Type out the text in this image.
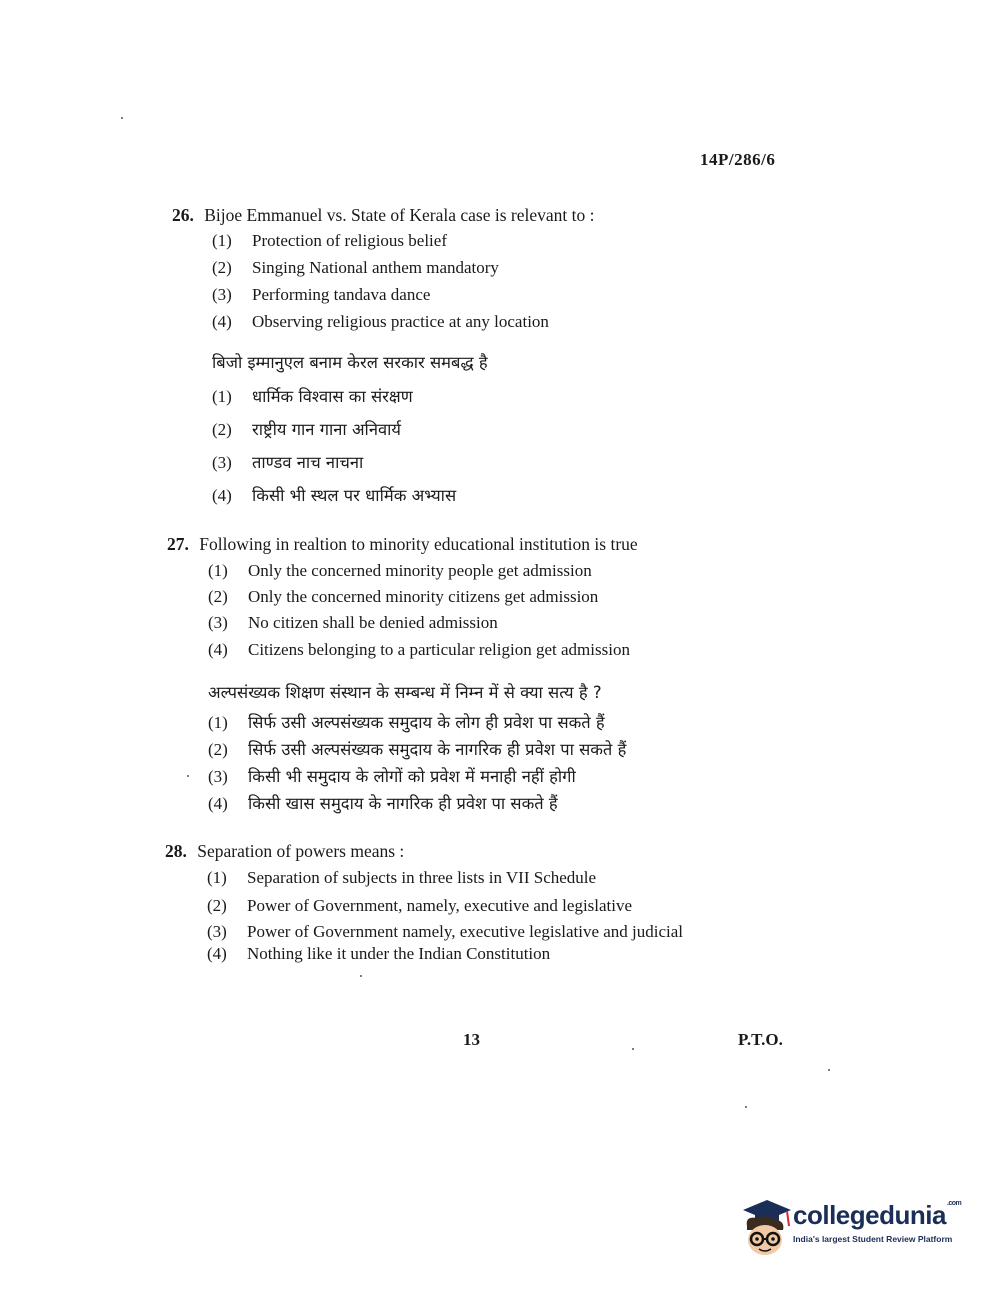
14P/286/6
26. Bijoe Emmanuel vs. State of Kerala case is relevant to :
(1) Protection of religious belief
(2) Singing National anthem mandatory
(3) Performing tandava dance
(4) Observing religious practice at any location
बिजो इम्मानुएल बनाम केरल सरकार समबद्ध है
(1) धार्मिक विश्वास का संरक्षण
(2) राष्ट्रीय गान गाना अनिवार्य
(3) ताण्डव नाच नाचना
(4) किसी भी स्थल पर धार्मिक अभ्यास
27. Following in realtion to minority educational institution is true
(1) Only the concerned minority people get admission
(2) Only the concerned minority citizens get admission
(3) No citizen shall be denied admission
(4) Citizens belonging to a particular religion get admission
अल्पसंख्यक शिक्षण संस्थान के सम्बन्ध में निम्न में से क्या सत्य है ?
(1) सिर्फ उसी अल्पसंख्यक समुदाय के लोग ही प्रवेश पा सकते हैं
(2) सिर्फ उसी अल्पसंख्यक समुदाय के नागरिक ही प्रवेश पा सकते हैं
(3) किसी भी समुदाय के लोगों को प्रवेश में मनाही नहीं होगी
(4) किसी खास समुदाय के नागरिक ही प्रवेश पा सकते हैं
28. Separation of powers means :
(1) Separation of subjects in three lists in VII Schedule
(2) Power of Government, namely, executive and legislative
(3) Power of Government namely, executive legislative and judicial
(4) Nothing like it under the Indian Constitution
13	P.T.O.
collegedunia$^{.com}$
India's largest Student Review Platform
